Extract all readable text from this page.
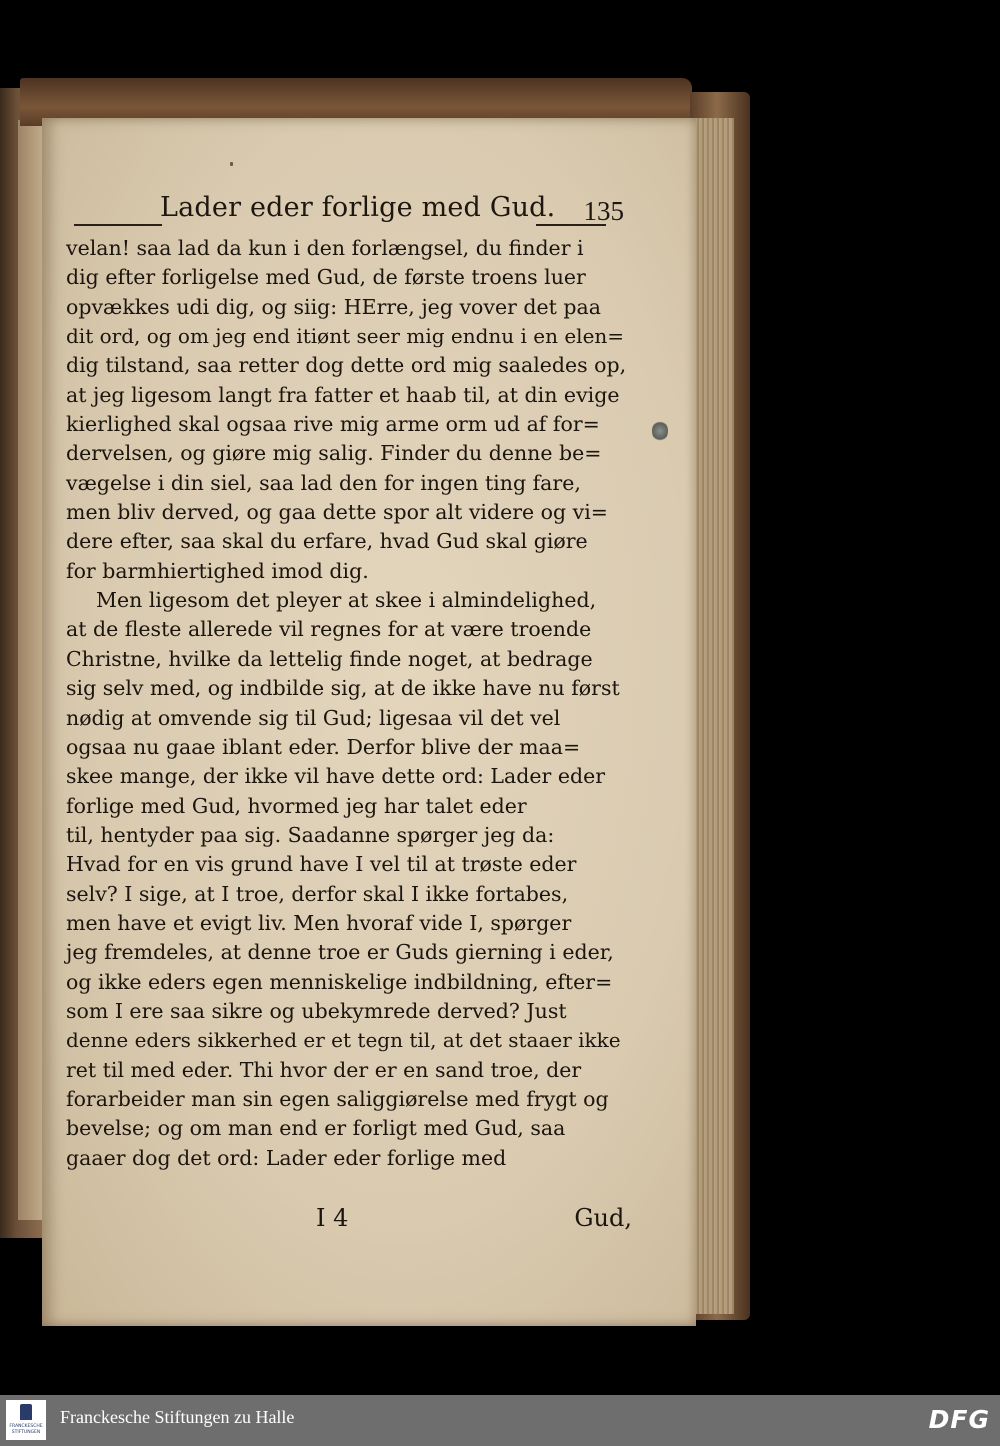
Lader eder forlige med Gud.	135
velan! saa lad da kun i den forlængsel, du finder i
dig efter forligelse med Gud, de første troens luer
opvækkes udi dig, og siig: HErre, jeg vover det paa
dit ord, og om jeg end itiønt seer mig endnu i en elen=
dig tilstand, saa retter dog dette ord mig saaledes op,
at jeg ligesom langt fra fatter et haab til, at din evige
kierlighed skal ogsaa rive mig arme orm ud af for=
dervelsen, og giøre mig salig. Finder du denne be=
vægelse i din siel, saa lad den for ingen ting fare,
men bliv derved, og gaa dette spor alt videre og vi=
dere efter, saa skal du erfare, hvad Gud skal giøre
for barmhiertighed imod dig.
Men ligesom det pleyer at skee i almindelighed,
at de fleste allerede vil regnes for at være troende
Christne, hvilke da lettelig finde noget, at bedrage
sig selv med, og indbilde sig, at de ikke have nu først
nødig at omvende sig til Gud; ligesaa vil det vel
ogsaa nu gaae iblant eder. Derfor blive der maa=
skee mange, der ikke vil have dette ord: Lader eder
forlige med Gud, hvormed jeg har talet eder
til, hentyder paa sig. Saadanne spørger jeg da:
Hvad for en vis grund have I vel til at trøste eder
selv? I sige, at I troe, derfor skal I ikke fortabes,
men have et evigt liv. Men hvoraf vide I, spørger
jeg fremdeles, at denne troe er Guds gierning i eder,
og ikke eders egen menniskelige indbildning, efter=
som I ere saa sikre og ubekymrede derved? Just
denne eders sikkerhed er et tegn til, at det staaer ikke
ret til med eder. Thi hvor der er en sand troe, der
forarbeider man sin egen saliggiørelse med frygt og
bevelse; og om man end er forligt med Gud, saa
gaaer dog det ord: Lader eder forlige med
I 4	Gud,
FRANCKESCHE STIFTUNGEN
Franckesche Stiftungen zu Halle	DFG
